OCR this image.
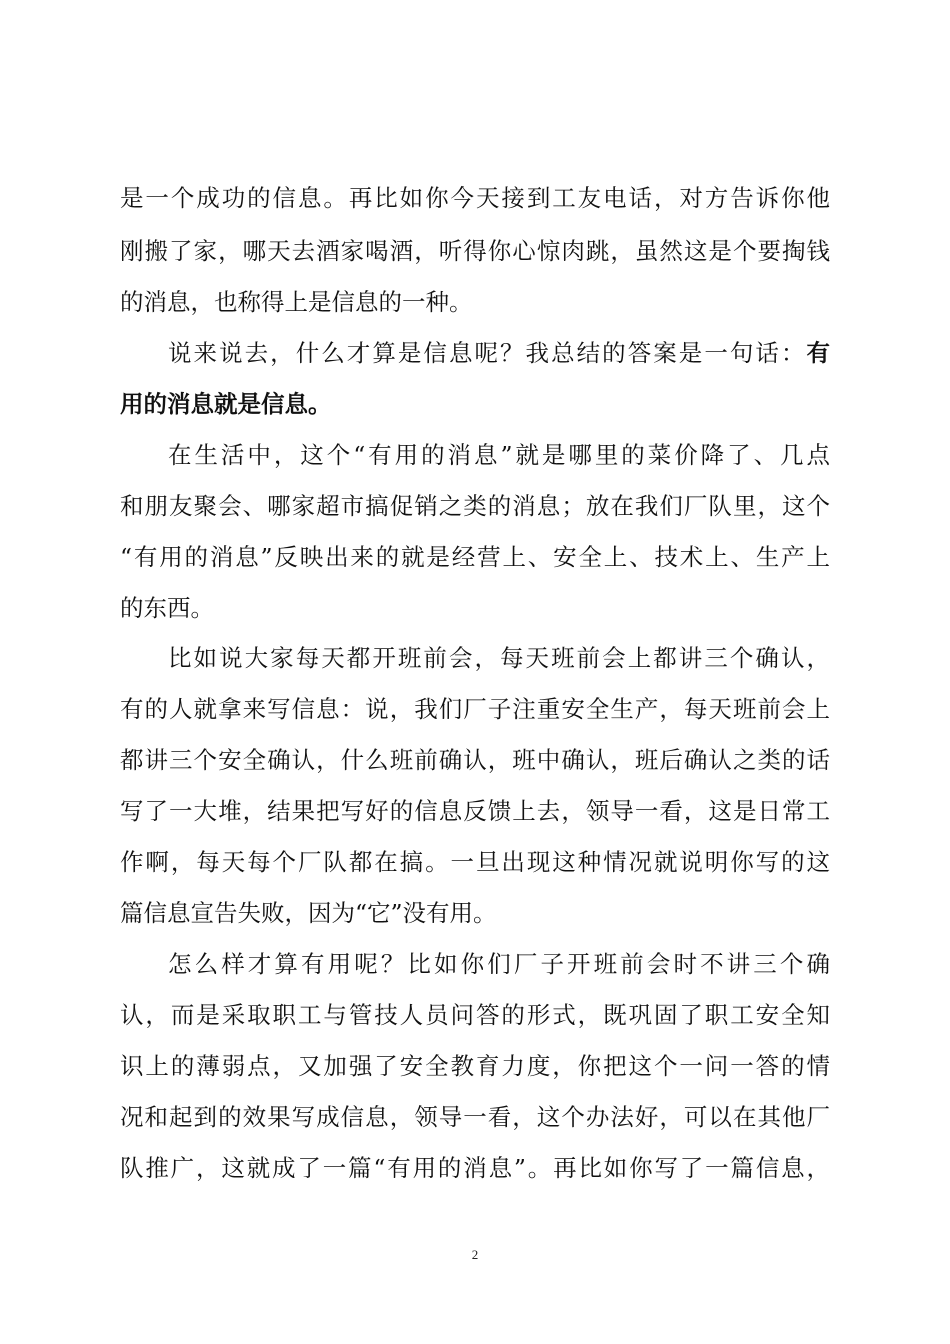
是一个成功的信息。再比如你今天接到工友电话，对方告诉你他
刚搬了家，哪天去酒家喝酒，听得你心惊肉跳，虽然这是个要掏钱
的消息，也称得上是信息的一种。
说来说去，什么才算是信息呢？我总结的答案是一句话：有
用的消息就是信息。
在生活中，这个“有用的消息”就是哪里的菜价降了、几点
和朋友聚会、哪家超市搞促销之类的消息；放在我们厂队里，这个
“有用的消息”反映出来的就是经营上、安全上、技术上、生产上
的东西。
比如说大家每天都开班前会，每天班前会上都讲三个确认，
有的人就拿来写信息：说，我们厂子注重安全生产，每天班前会上
都讲三个安全确认，什么班前确认，班中确认，班后确认之类的话
写了一大堆，结果把写好的信息反馈上去，领导一看，这是日常工
作啊，每天每个厂队都在搞。一旦出现这种情况就说明你写的这
篇信息宣告失败，因为“它”没有用。
怎么样才算有用呢？比如你们厂子开班前会时不讲三个确
认，而是采取职工与管技人员问答的形式，既巩固了职工安全知
识上的薄弱点，又加强了安全教育力度，你把这个一问一答的情
况和起到的效果写成信息，领导一看，这个办法好，可以在其他厂
队推广，这就成了一篇“有用的消息”。再比如你写了一篇信息，
2
